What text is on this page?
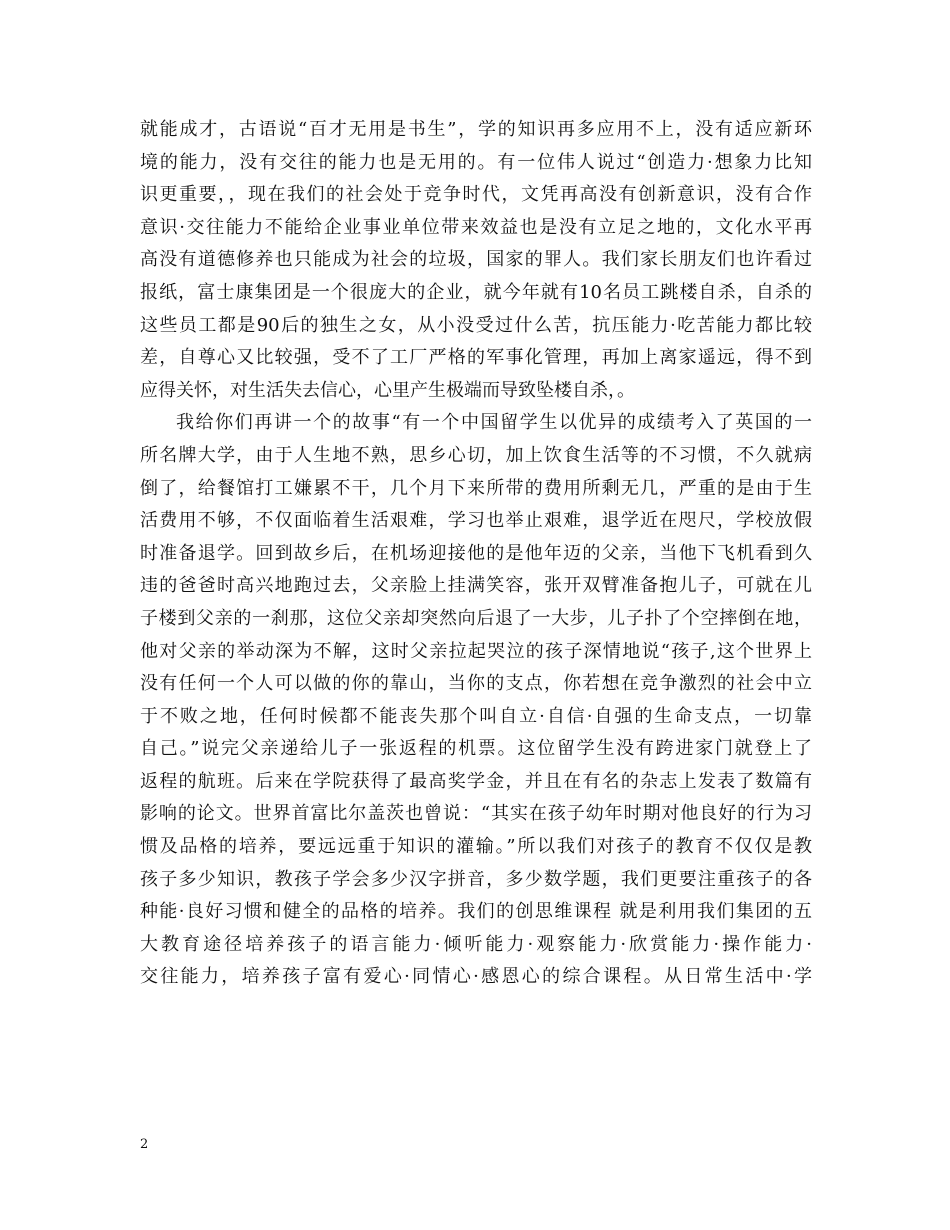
就能成才，古语说“百才无用是书生”，学的知识再多应用不上，没有适应新环
境的能力，没有交往的能力也是无用的。有一位伟人说过“创造力·想象力比知
识更重要，，现在我们的社会处于竞争时代，文凭再高没有创新意识，没有合作
意识·交往能力不能给企业事业单位带来效益也是没有立足之地的，文化水平再
高没有道德修养也只能成为社会的垃圾，国家的罪人。我们家长朋友们也许看过
报纸，富士康集团是一个很庞大的企业，就今年就有10名员工跳楼自杀，自杀的
这些员工都是90后的独生之女，从小没受过什么苦，抗压能力·吃苦能力都比较
差，自尊心又比较强，受不了工厂严格的军事化管理，再加上离家遥远，得不到
应得关怀，对生活失去信心，心里产生极端而导致坠楼自杀，。
我给你们再讲一个的故事“有一个中国留学生以优异的成绩考入了英国的一
所名牌大学，由于人生地不熟，思乡心切，加上饮食生活等的不习惯，不久就病
倒了，给餐馆打工嫌累不干，几个月下来所带的费用所剩无几，严重的是由于生
活费用不够，不仅面临着生活艰难，学习也举止艰难，退学近在咫尺，学校放假
时准备退学。回到故乡后，在机场迎接他的是他年迈的父亲，当他下飞机看到久
违的爸爸时高兴地跑过去，父亲脸上挂满笑容，张开双臂准备抱儿子，可就在儿
子楼到父亲的一刹那，这位父亲却突然向后退了一大步，儿子扑了个空摔倒在地，
他对父亲的举动深为不解，这时父亲拉起哭泣的孩子深情地说“孩子,这个世界上
没有任何一个人可以做的你的靠山，当你的支点，你若想在竞争激烈的社会中立
于不败之地，任何时候都不能丧失那个叫自立·自信·自强的生命支点，一切靠
自己。”说完父亲递给儿子一张返程的机票。这位留学生没有跨进家门就登上了
返程的航班。后来在学院获得了最高奖学金，并且在有名的杂志上发表了数篇有
影响的论文。世界首富比尔盖茨也曾说：“其实在孩子幼年时期对他良好的行为习
惯及品格的培养，要远远重于知识的灌输。”所以我们对孩子的教育不仅仅是教
孩子多少知识，教孩子学会多少汉字拼音，多少数学题，我们更要注重孩子的各
种能·良好习惯和健全的品格的培养。我们的创思维课程 就是利用我们集团的五
大教育途径培养孩子的语言能力·倾听能力·观察能力·欣赏能力·操作能力·
交往能力，培养孩子富有爱心·同情心·感恩心的综合课程。从日常生活中·学
2
